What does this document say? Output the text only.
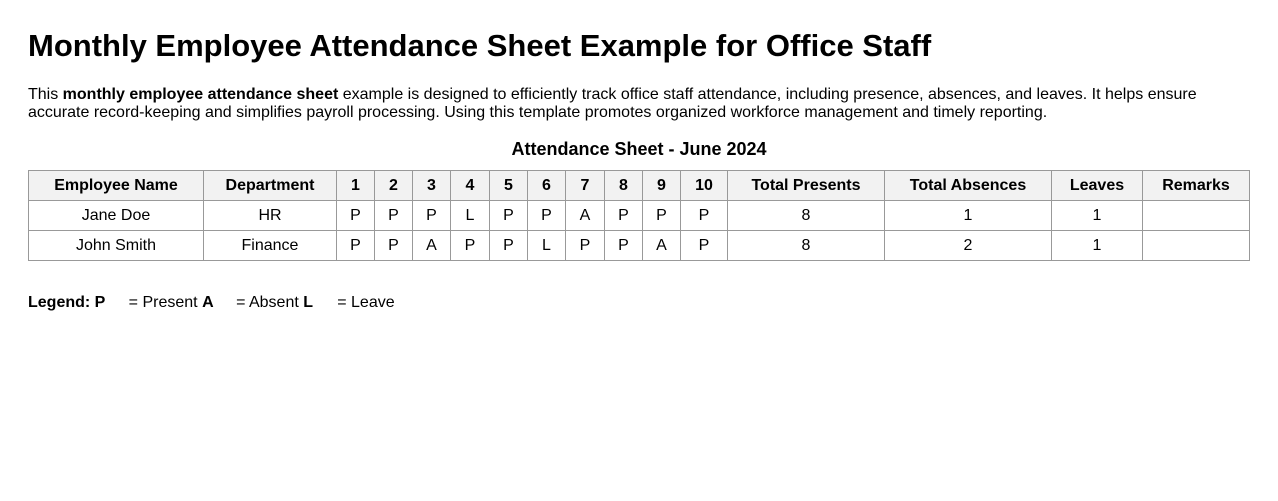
Monthly Employee Attendance Sheet Example for Office Staff

This monthly employee attendance sheet example is designed to efficiently track office staff attendance, including presence, absences, and leaves. It helps ensure accurate record-keeping and simplifies payroll processing. Using this template promotes organized workforce management and timely reporting.

Attendance Sheet - June 2024
Employee Name	Department	1	2	3	4	5	6	7	8	9	10	Total Presents	Total Absences	Leaves	Remarks
Jane Doe	HR	P	P	P	L	P	P	A	P	P	P	8	1	1	
John Smith	Finance	P	P	A	P	P	L	P	P	A	P	8	2	1	
Legend: P = Present A = Absent L = Leave
